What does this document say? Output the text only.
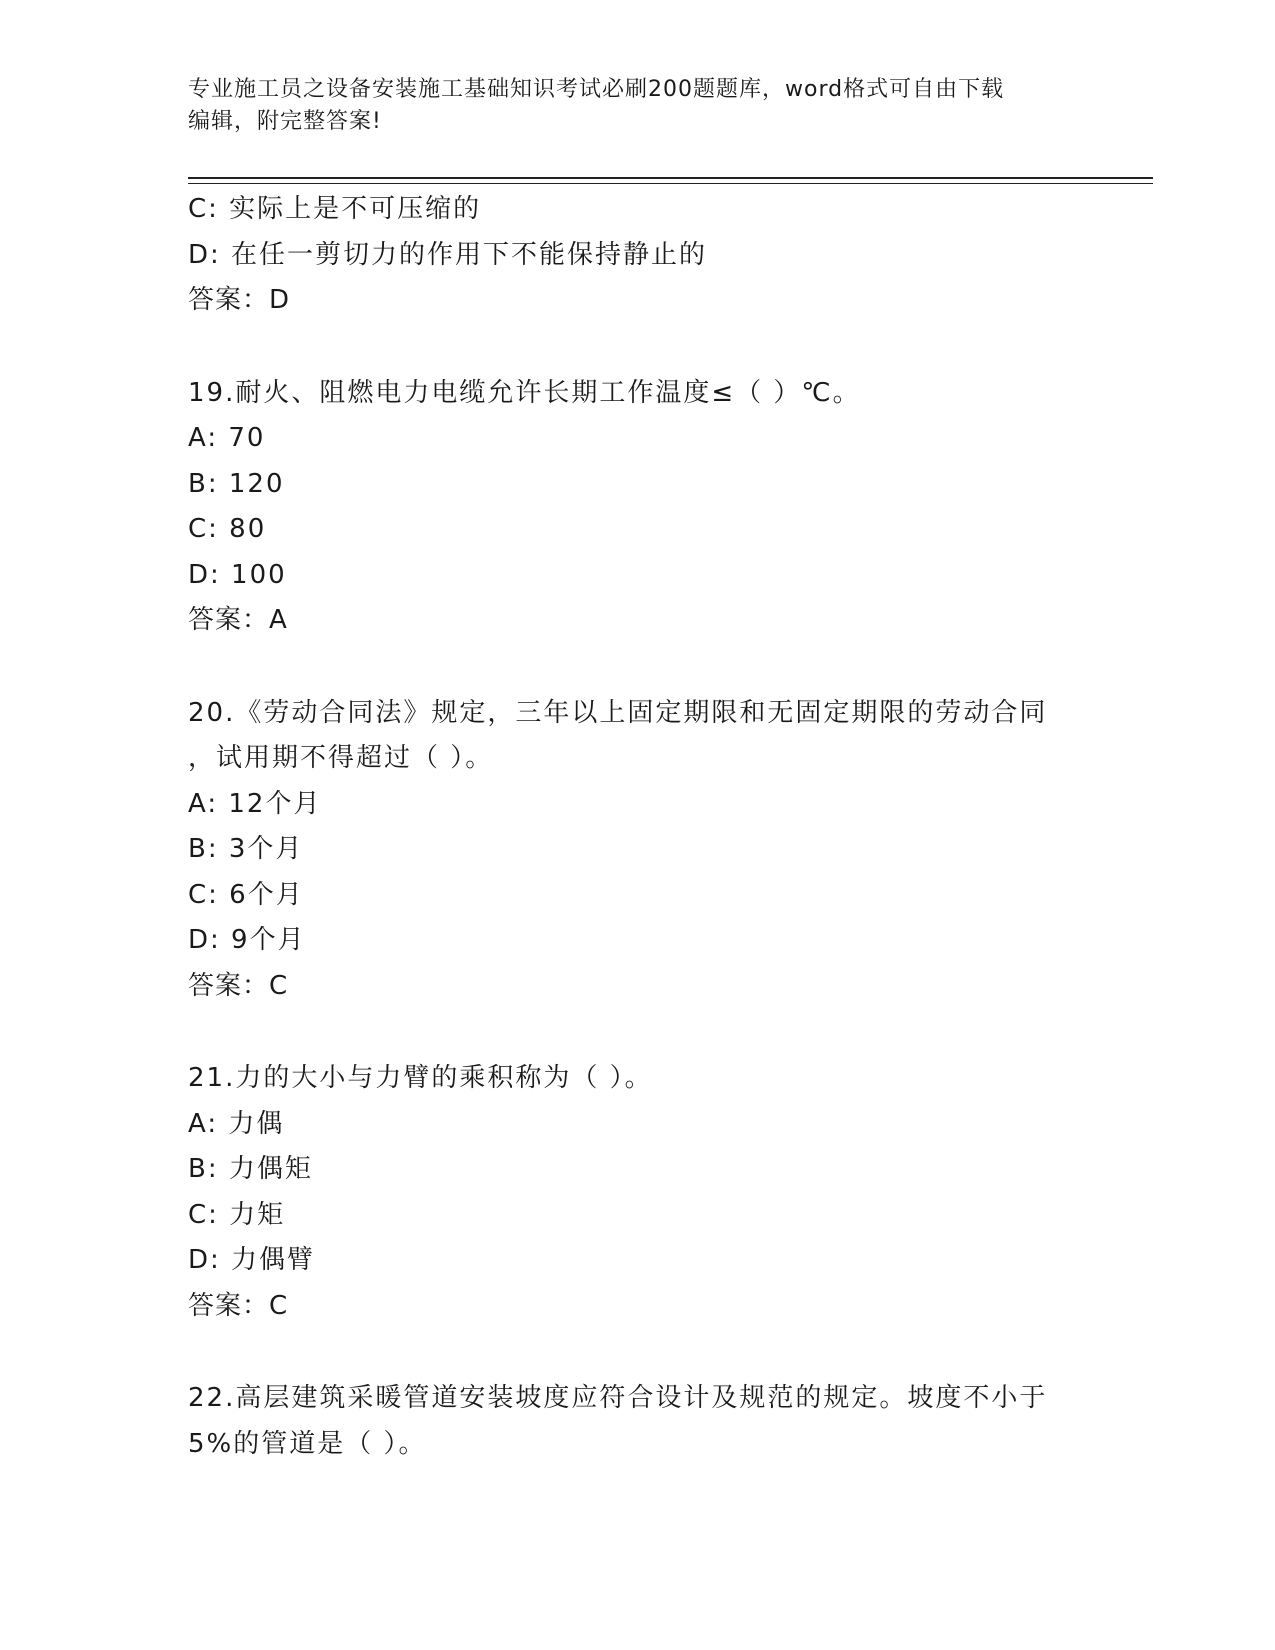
专业施工员之设备安装施工基础知识考试必刷200题题库，word格式可自由下载
编辑，附完整答案!
C: 实际上是不可压缩的
D: 在任一剪切力的作用下不能保持静止的
答案：D
19.耐火、阻燃电力电缆允许长期工作温度≤（ ）℃。
A: 70
B: 120
C: 80
D: 100
答案：A
20.《劳动合同法》规定，三年以上固定期限和无固定期限的劳动合同
，试用期不得超过（ ）。
A: 12个月
B: 3个月
C: 6个月
D: 9个月
答案：C
21.力的大小与力臂的乘积称为（ ）。
A: 力偶
B: 力偶矩
C: 力矩
D: 力偶臂
答案：C
22.高层建筑采暖管道安装坡度应符合设计及规范的规定。坡度不小于
5%的管道是（ ）。
